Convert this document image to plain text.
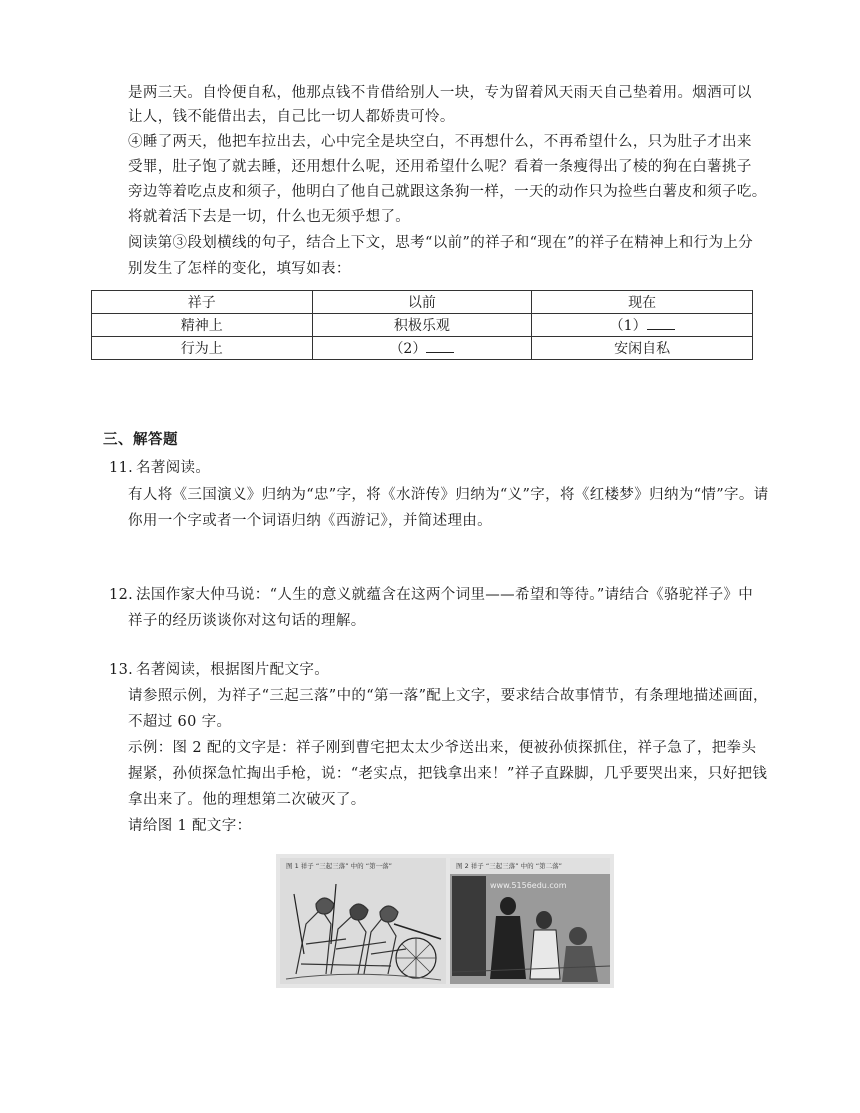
是两三天。自怜便自私，他那点钱不肯借给别人一块，专为留着风天雨天自己垫着用。烟酒可以
让人，钱不能借出去，自己比一切人都娇贵可怜。
④睡了两天，他把车拉出去，心中完全是块空白，不再想什么，不再希望什么，只为肚子才出来
受罪，肚子饱了就去睡，还用想什么呢，还用希望什么呢？看着一条瘦得出了棱的狗在白薯挑子
旁边等着吃点皮和须子，他明白了他自己就跟这条狗一样，一天的动作只为捡些白薯皮和须子吃。
将就着活下去是一切，什么也无须乎想了。
阅读第③段划横线的句子，结合上下文，思考“以前”的祥子和“现在”的祥子在精神上和行为上分
别发生了怎样的变化，填写如表：
祥子	以前	现在
精神上	积极乐观	（1）
行为上	（2）	安闲自私
三、解答题
11. 名著阅读。
有人将《三国演义》归纳为“忠”字，将《水浒传》归纳为“义”字，将《红楼梦》归纳为“情”字。请
你用一个字或者一个词语归纳《西游记》，并简述理由。
12. 法国作家大仲马说：“人生的意义就蕴含在这两个词里——希望和等待。”请结合《骆驼祥子》中
祥子的经历谈谈你对这句话的理解。
13. 名著阅读，根据图片配文字。
请参照示例，为祥子“三起三落”中的“第一落”配上文字，要求结合故事情节，有条理地描述画面，
不超过 60 字。
示例：图 2 配的文字是：祥子刚到曹宅把太太少爷送出来，便被孙侦探抓住，祥子急了，把拳头
握紧，孙侦探急忙掏出手枪，说：“老实点，把钱拿出来！”祥子直跺脚，几乎要哭出来，只好把钱
拿出来了。他的理想第二次破灭了。
请给图 1 配文字：
图 1 祥子 “三起三落” 中的 “第一落”	图 2 祥子 “三起三落” 中的 “第二落”
www.5156edu.com
